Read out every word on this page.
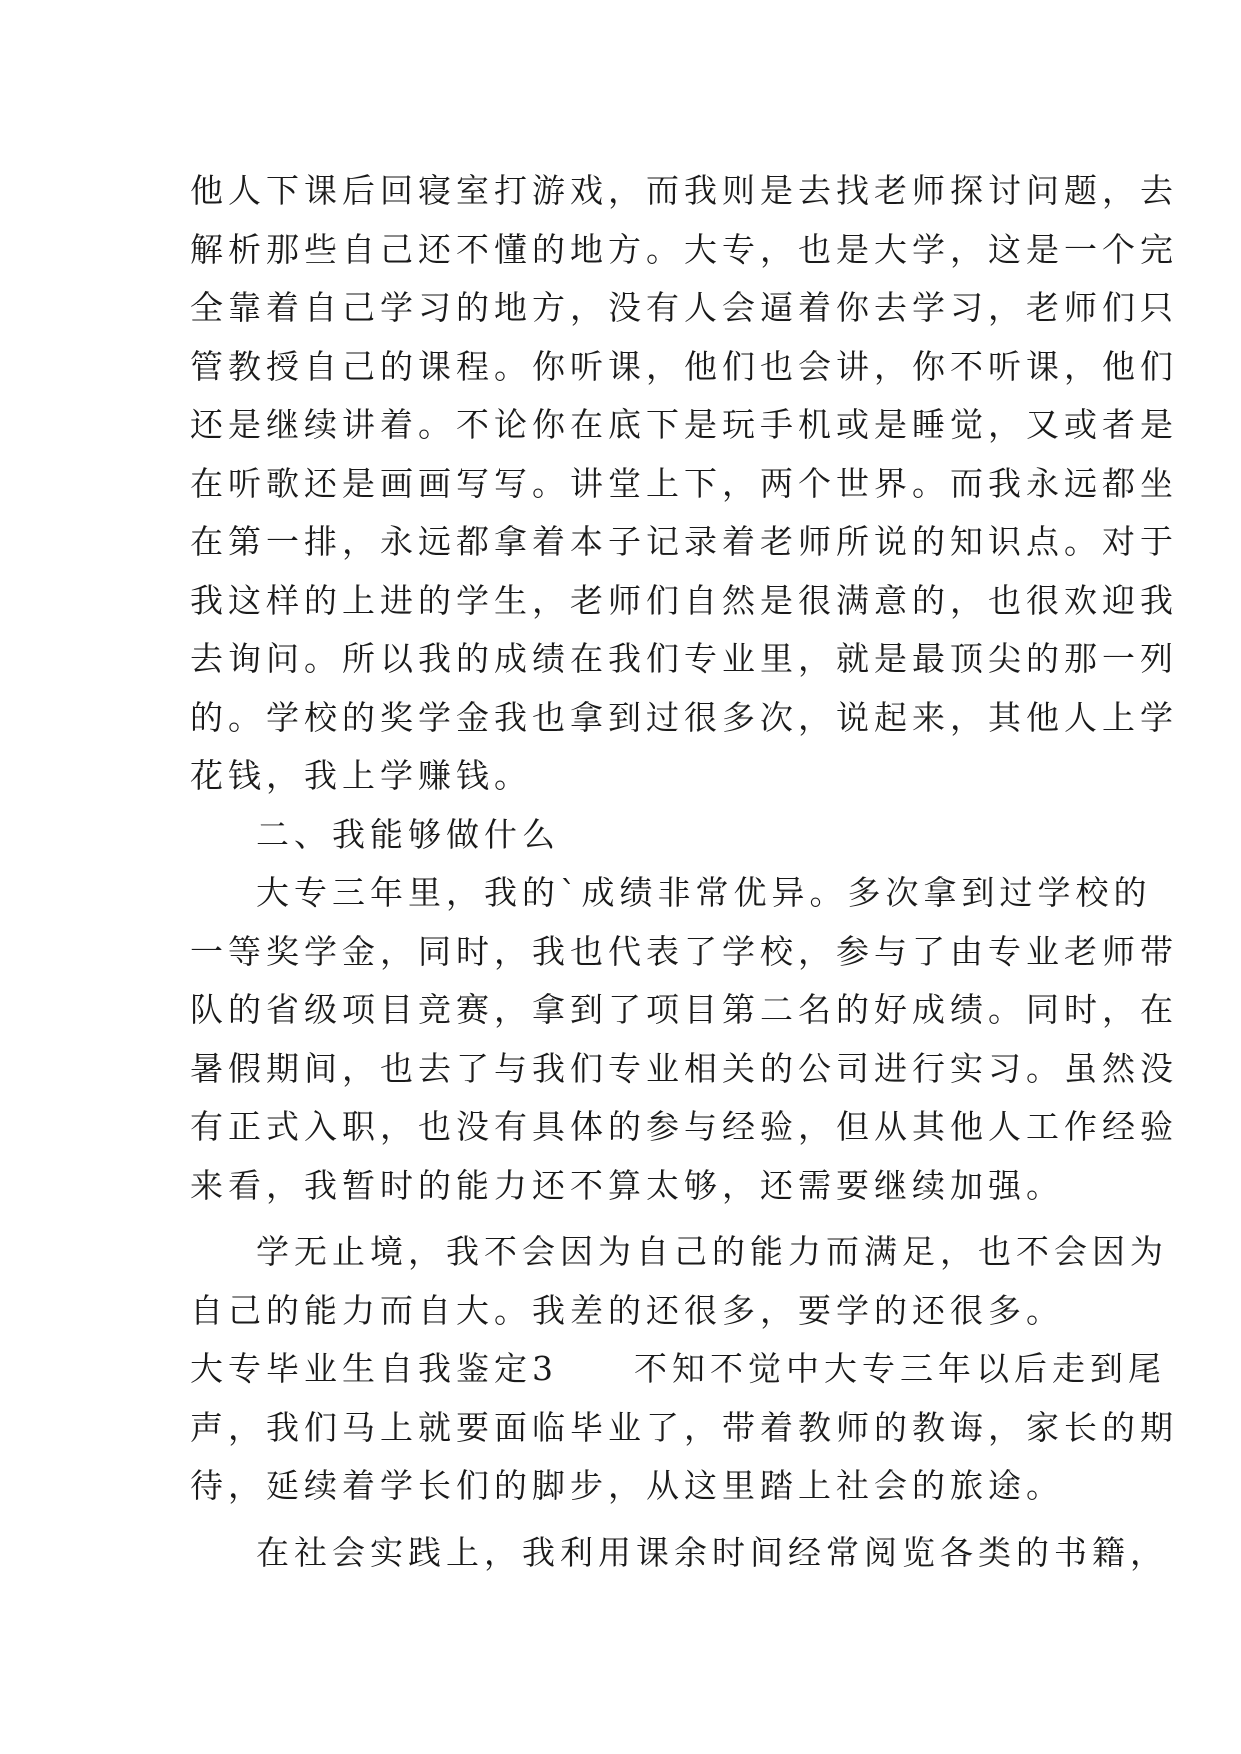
他人下课后回寝室打游戏，而我则是去找老师探讨问题，去
解析那些自己还不懂的地方。大专，也是大学，这是一个完
全靠着自己学习的地方，没有人会逼着你去学习，老师们只
管教授自己的课程。你听课，他们也会讲，你不听课，他们
还是继续讲着。不论你在底下是玩手机或是睡觉，又或者是
在听歌还是画画写写。讲堂上下，两个世界。而我永远都坐
在第一排，永远都拿着本子记录着老师所说的知识点。对于
我这样的上进的学生，老师们自然是很满意的，也很欢迎我
去询问。所以我的成绩在我们专业里，就是最顶尖的那一列
的。学校的奖学金我也拿到过很多次，说起来，其他人上学
花钱，我上学赚钱。
二、我能够做什么
大专三年里，我的`成绩非常优异。多次拿到过学校的
一等奖学金，同时，我也代表了学校，参与了由专业老师带
队的省级项目竞赛，拿到了项目第二名的好成绩。同时，在
暑假期间，也去了与我们专业相关的公司进行实习。虽然没
有正式入职，也没有具体的参与经验，但从其他人工作经验
来看，我暂时的能力还不算太够，还需要继续加强。
学无止境，我不会因为自己的能力而满足，也不会因为
自己的能力而自大。我差的还很多，要学的还很多。
大专毕业生自我鉴定3　　不知不觉中大专三年以后走到尾
声，我们马上就要面临毕业了，带着教师的教诲，家长的期
待，延续着学长们的脚步，从这里踏上社会的旅途。
在社会实践上，我利用课余时间经常阅览各类的书籍，
